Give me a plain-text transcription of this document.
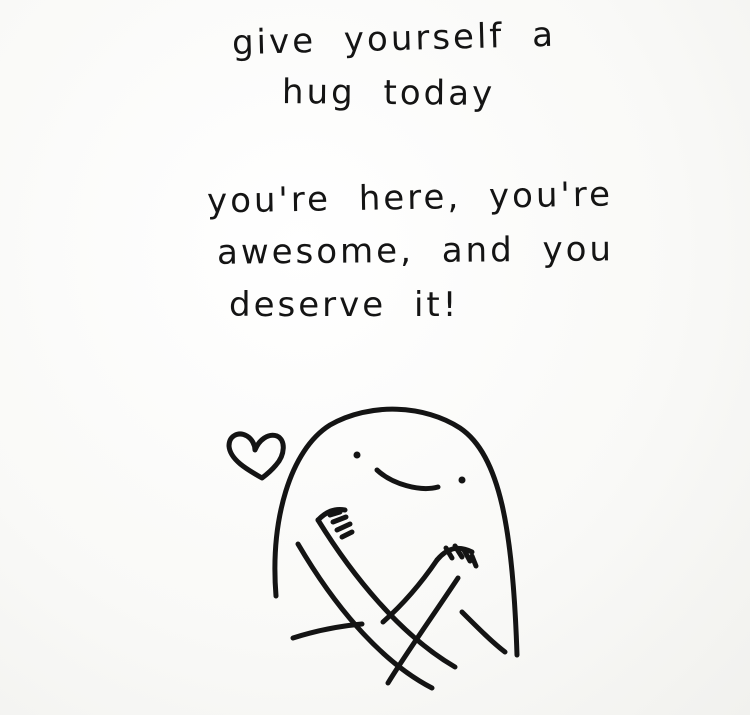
give yourself a
hug today
you're here, you're
awesome, and you
deserve it!
